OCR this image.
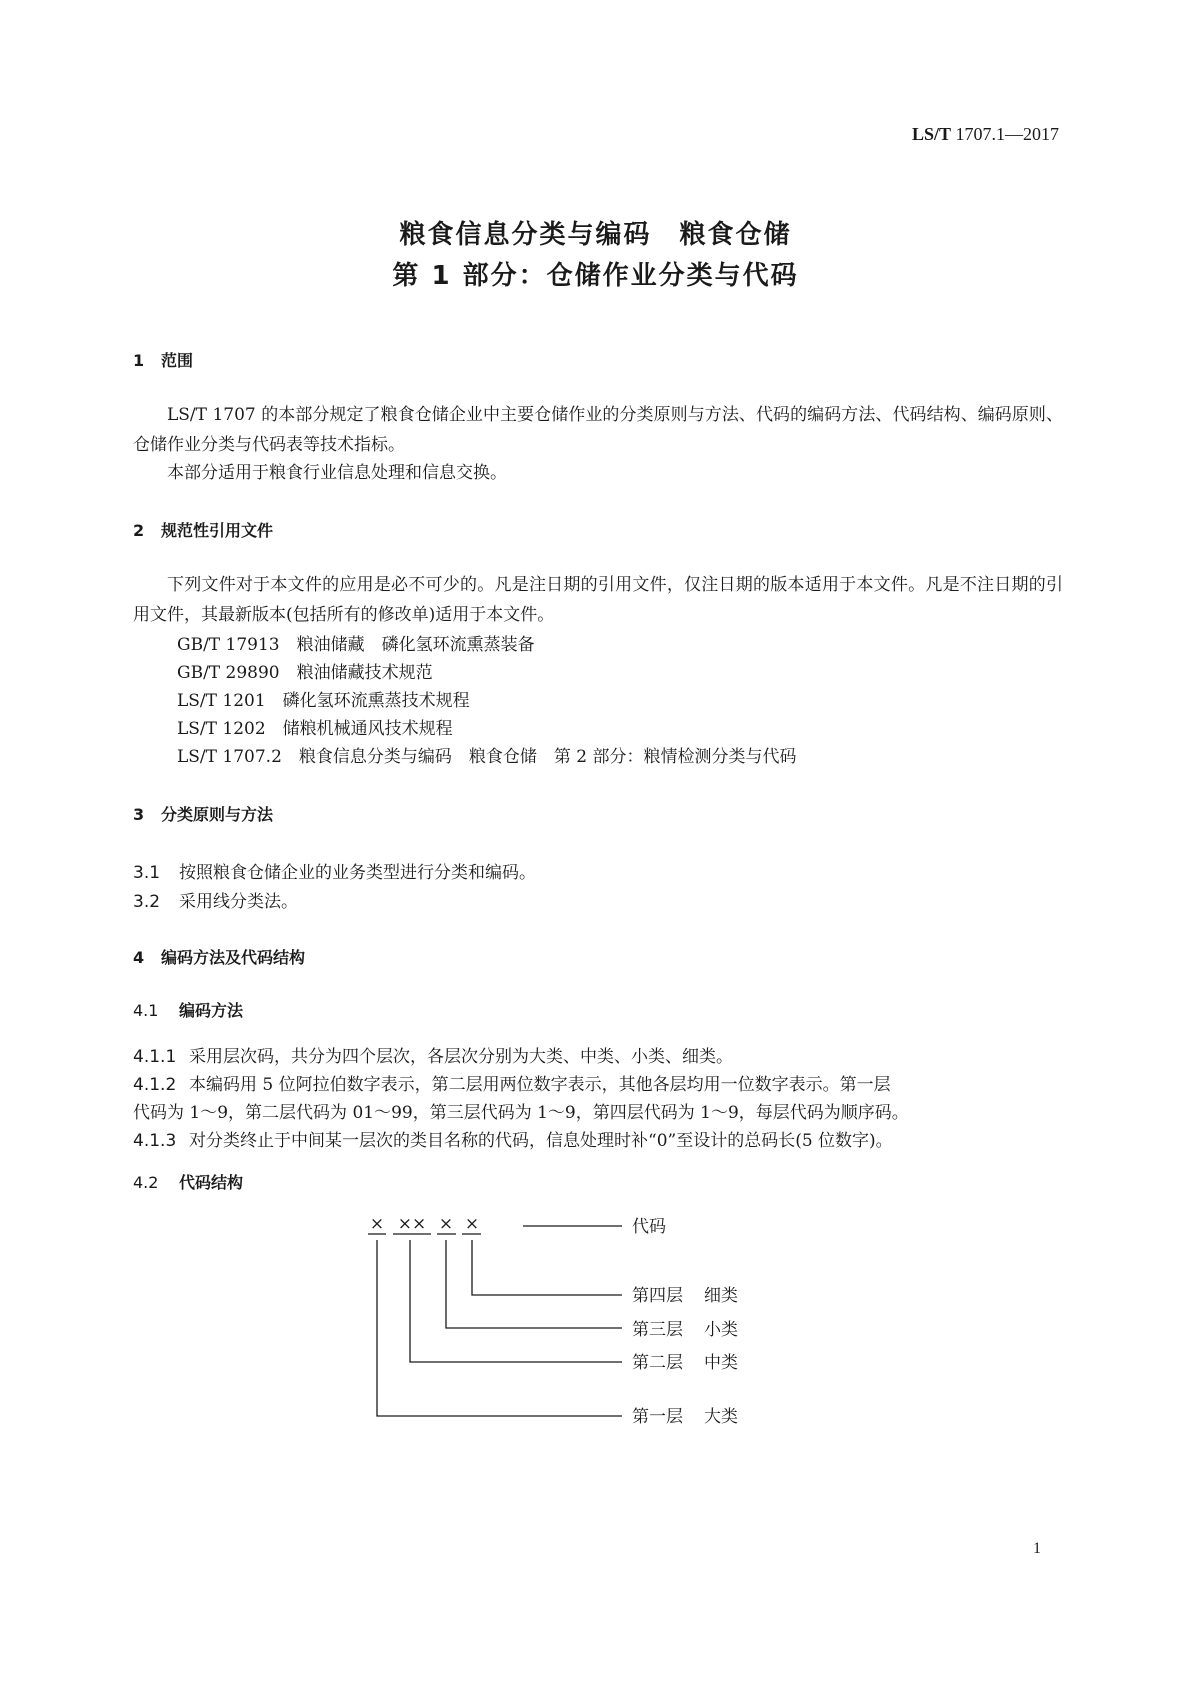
LS/T 1707.1—2017
粮食信息分类与编码　粮食仓储
第 1 部分：仓储作业分类与代码
1 范围
LS/T 1707 的本部分规定了粮食仓储企业中主要仓储作业的分类原则与方法、代码的编码方法、代码结构、编码原则、仓储作业分类与代码表等技术指标。
本部分适用于粮食行业信息处理和信息交换。
2 规范性引用文件
下列文件对于本文件的应用是必不可少的。凡是注日期的引用文件，仅注日期的版本适用于本文件。凡是不注日期的引用文件，其最新版本(包括所有的修改单)适用于本文件。
GB/T 17913　粮油储藏　磷化氢环流熏蒸装备
GB/T 29890　粮油储藏技术规范
LS/T 1201　磷化氢环流熏蒸技术规程
LS/T 1202　储粮机械通风技术规程
LS/T 1707.2　粮食信息分类与编码　粮食仓储　第 2 部分：粮情检测分类与代码
3 分类原则与方法
3.1 按照粮食仓储企业的业务类型进行分类和编码。
3.2 采用线分类法。
4 编码方法及代码结构
4.1 编码方法
4.1.1 采用层次码，共分为四个层次，各层次分别为大类、中类、小类、细类。
4.1.2 本编码用 5 位阿拉伯数字表示，第二层用两位数字表示，其他各层均用一位数字表示。第一层
代码为 1～9，第二层代码为 01～99，第三层代码为 1～9，第四层代码为 1～9，每层代码为顺序码。
4.1.3 对分类终止于中间某一层次的类目名称的代码，信息处理时补“0”至设计的总码长(5 位数字)。
4.2 代码结构
× ×× × ×	代码
第四层 细类
第三层 小类
第二层 中类
第一层 大类
1
